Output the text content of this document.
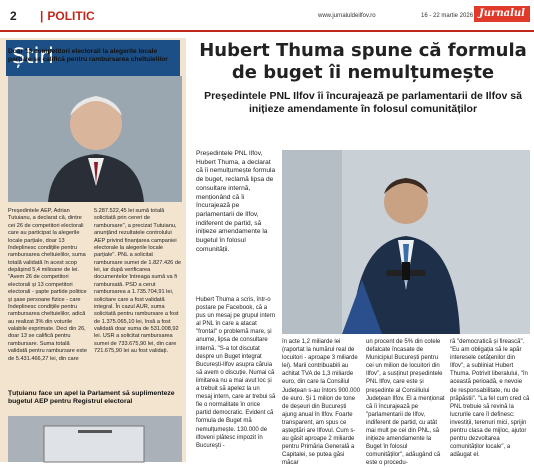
2
|	POLITIC	www.jurnaluldeilfov.ro	16 - 22 martie 2026 Jurnalul
Știri
Doar 13 competitori electorali la alegerile locale parțiale se califică pentru rambursarea cheltuielilor
Președintele AEP, Adrian Tutuianu, a declarat că, dintre cei 26 de competitori electorali care au participat la alegerile locale parțiale, doar 13 îndeplinesc condițiile pentru rambursarea cheltuielilor, suma totală validată în acest scop depășind 5,4 milioane de lei. "Avem 26 de competitori electorali și 13 competitori electorali - șapte partide politice și șase persoane fizice - care îndeplinesc condițiile pentru rambursarea cheltuielilor, adică au realizat 3% din voturile valabile exprimate. Deci din 26, doar 13 se califică pentru rambursare. Suma totală validată pentru rambursare este de 5.431.466,27 lei, din care
5.287.522,45 lei sumă totală solicitată prin cereri de rambursare", a precizat Tutuianu, anunțând rezultatele controlului AEP privind finanțarea campaniei electorale la alegerile locale parțiale". PNL a solicitat rambursare sumei de 1.827.426 de lei, iar după verificarea documentelor întreaga sumă va fi rambursată. PSD a cerut rambursarea a 1.735.704,91 lei, solicitare care a fost validată integral. În cazul AUR, suma solicitată pentru rambursare a fost de 1.375.065,10 lei, însă a fost validată doar suma de 531.008,92 lei. USR a solicitat rambursarea sumei de 733.675,90 lei, din care 721.675,90 lei au fost validați.
Țuțuianu face un apel la Parlament să suplimenteze bugetul AEP pentru Registrul electoral
Hubert Thuma spune că formula de buget îi nemulțumește
Președintele PNL Ilfov îi încurajează pe parlamentarii de Ilfov să inițieze amendamente în folosul comunităților
Președintele PNL Ilfov, Hubert Thuma, a declarat că îi nemulțumește formula de buget, reclamă lipsa de consultare internă, menționând că îi încurajează pe parlamentarii de Ilfov, indiferent de partid, să inițieze amendamente la bugetul în folosul comunității.
Hubert Thuma a scris, într-o postare pe Facebook, că a pus un mesaj pe grupul intern al PNL în care a atacat "frontal" o problemă mare, și anume, lipsa de consultare internă. "S-a tot discutat despre un Buget integrat București-Ilfov asupra căruia să avem o discuție. Numai că limitarea nu a mai avut loc și a trebuit să apelez la un mesaj intern, care ar trebui să fie o normalitate în orice partid democratic. Evident că formula de Buget mă nemulțumește. 130.000 de ilfoveni plătesc impozit în Bucureşti -
în acte 1,2 miliarde lei (raportat la numărul real de locuitori - aproape 3 miliarde lei). Marii contribuabili au achitat TVA de 1,3 miliarde euro, din care la Consiliul Județean s-au întors 900.000 de euro. Și 1 milion de tone de deșeuri din București ajung anual în Ilfov. Foarte transparent, am spus ce așteptări are Ilfovul. Cum s-au găsit aproape 2 miliarde pentru Primăria Generală a Capitalei, se putea găsi măcar
un procent de 5% din cotele defalcate încasate de Municipiul București pentru cei un milion de locuitori din Ilfov", a susținut președintele PNL Ilfov, care este și președinte al Consiliului Județean Ilfov. El a menționat că îi încurajează pe "parlamentarii de Ilfov, indiferent de partid, cu atât mai mult pe cei din PNL, să inițieze amendamente la Buget în folosul comunităților", adăugând că este o procedu-
ră "democratică și firească". "Eu am obligația să le apăr interesele cetățenilor din Ilfov", a subliniat Hubert Thuma. Potrivit liberalului, "în această perioadă, e nevoie de responsabilitate, nu de prăpăstii". "La fel cum cred că PNL trebuie să revină la lucrurile care îl definesc: investiții, terenuri mici, sprijin pentru clasa de mijloc, ajutor pentru dezvoltarea comunităților locale", a adăugat el.
